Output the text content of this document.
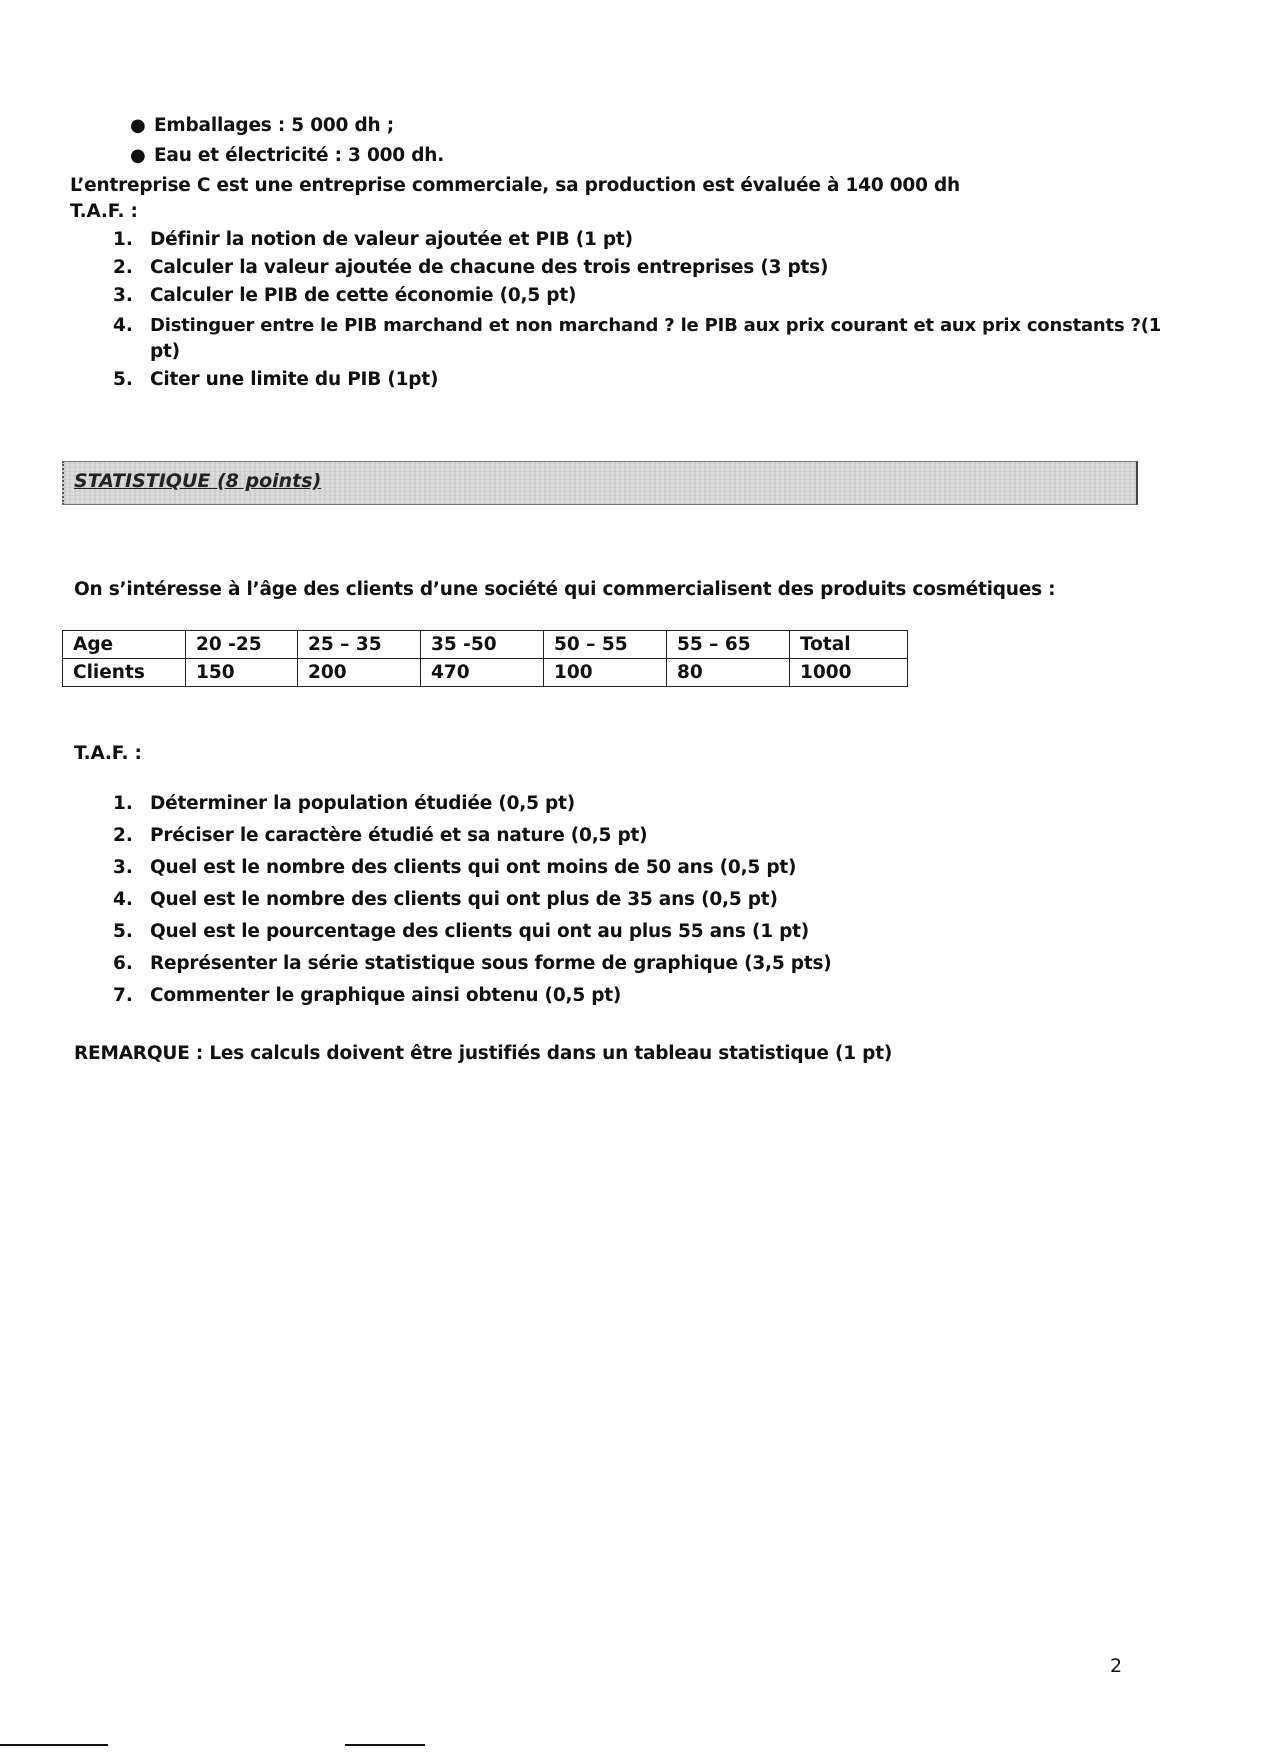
● Emballages : 5 000 dh ;
● Eau et électricité : 3 000 dh.
L’entreprise C est une entreprise commerciale, sa production est évaluée à 140 000 dh
T.A.F. :
1. Définir la notion de valeur ajoutée et PIB (1 pt)
2. Calculer la valeur ajoutée de chacune des trois entreprises (3 pts)
3. Calculer le PIB de cette économie (0,5 pt)
4. Distinguer entre le PIB marchand et non marchand ? le PIB aux prix courant et aux prix constants ?(1
pt)
5. Citer une limite du PIB (1pt)
STATISTIQUE (8 points)
On s’intéresse à l’âge des clients d’une société qui commercialisent des produits cosmétiques :
Age	20 -25	25 – 35	35 -50	50 – 55	55 – 65	Total
Clients	150	200	470	100	80	1000
T.A.F. :
1. Déterminer la population étudiée (0,5 pt)
2. Préciser le caractère étudié et sa nature (0,5 pt)
3. Quel est le nombre des clients qui ont moins de 50 ans (0,5 pt)
4. Quel est le nombre des clients qui ont plus de 35 ans (0,5 pt)
5. Quel est le pourcentage des clients qui ont au plus 55 ans (1 pt)
6. Représenter la série statistique sous forme de graphique (3,5 pts)
7. Commenter le graphique ainsi obtenu (0,5 pt)
REMARQUE : Les calculs doivent être justifiés dans un tableau statistique (1 pt)
2
